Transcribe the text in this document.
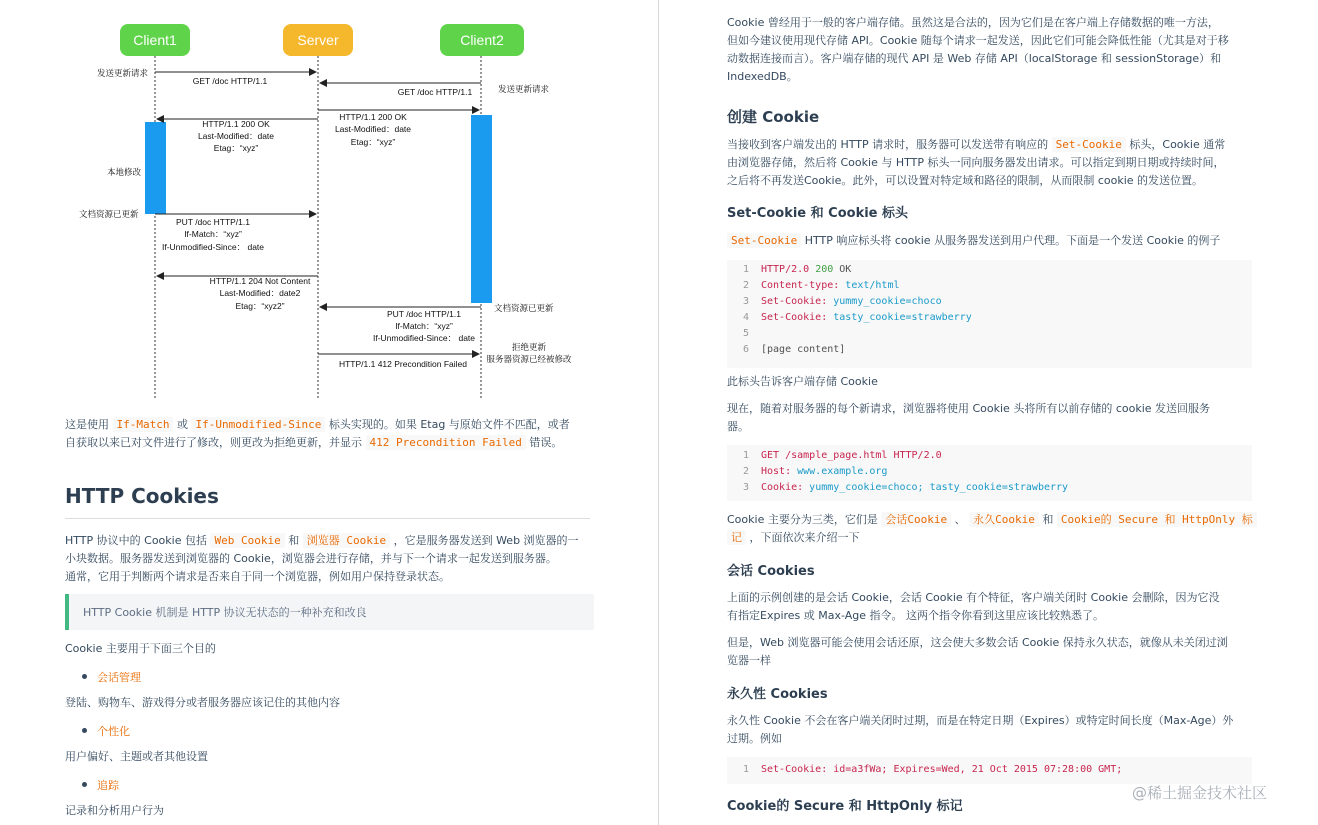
Client1	Server	Client2
发送更新请求
GET /doc HTTP/1.1
发送更新请求
GET /doc HTTP/1.1
HTTP/1.1 200 OK
Last-Modified：date
Etag：“xyz”
HTTP/1.1 200 OK
Last-Modified：date
Etag：“xyz”
本地修改
文档资源已更新
PUT /doc HTTP/1.1
If-Match：“xyz”
If-Unmodified-Since： date
HTTP/1.1 204 Not Content
Last-Modified：date2
Etag：“xyz2”	文档资源已更新
PUT /doc HTTP/1.1
If-Match：“xyz”
If-Unmodified-Since： date
拒绝更新
服务器资源已经被修改
HTTP/1.1 412 Precondition Failed
这是使用 If-Match 或 If-Unmodified-Since 标头实现的。如果 Etag 与原始文件不匹配，或者
自获取以来已对文件进行了修改，则更改为拒绝更新，并显示 412 Precondition Failed 错误。
HTTP Cookies
HTTP 协议中的 Cookie 包括 Web Cookie 和 浏览器 Cookie ，它是服务器发送到 Web 浏览器的一
小块数据。服务器发送到浏览器的 Cookie，浏览器会进行存储，并与下一个请求一起发送到服务器。
通常，它用于判断两个请求是否来自于同一个浏览器，例如用户保持登录状态。
HTTP Cookie 机制是 HTTP 协议无状态的一种补充和改良
Cookie 主要用于下面三个目的
会话管理
登陆、购物车、游戏得分或者服务器应该记住的其他内容
个性化
用户偏好、主题或者其他设置
追踪
记录和分析用户行为
Cookie 曾经用于一般的客户端存储。虽然这是合法的，因为它们是在客户端上存储数据的唯一方法，
但如今建议使用现代存储 API。Cookie 随每个请求一起发送，因此它们可能会降低性能（尤其是对于移
动数据连接而言）。客户端存储的现代 API 是 Web 存储 API（localStorage 和 sessionStorage）和
IndexedDB。
创建 Cookie
当接收到客户端发出的 HTTP 请求时，服务器可以发送带有响应的 Set-Cookie 标头，Cookie 通常
由浏览器存储，然后将 Cookie 与 HTTP 标头一同向服务器发出请求。可以指定到期日期或持续时间，
之后将不再发送Cookie。此外，可以设置对特定域和路径的限制，从而限制 cookie 的发送位置。
Set-Cookie 和 Cookie 标头
Set-Cookie HTTP 响应标头将 cookie 从服务器发送到用户代理。下面是一个发送 Cookie 的例子
1 HTTP/2.0 200 OK
2 Content-type: text/html
3 Set-Cookie: yummy_cookie=choco
4 Set-Cookie: tasty_cookie=strawberry
5
6 [page content]
此标头告诉客户端存储 Cookie
现在，随着对服务器的每个新请求，浏览器将使用 Cookie 头将所有以前存储的 cookie 发送回服务
器。
1 GET /sample_page.html HTTP/2.0
2 Host: www.example.org
3 Cookie: yummy_cookie=choco; tasty_cookie=strawberry
Cookie 主要分为三类，它们是 会话Cookie 、 永久Cookie 和 Cookie的 Secure 和 HttpOnly 标
记 ，下面依次来介绍一下
会话 Cookies
上面的示例创建的是会话 Cookie，会话 Cookie 有个特征，客户端关闭时 Cookie 会删除，因为它没
有指定Expires 或 Max-Age 指令。 这两个指令你看到这里应该比较熟悉了。
但是，Web 浏览器可能会使用会话还原，这会使大多数会话 Cookie 保持永久状态，就像从未关闭过浏
览器一样
永久性 Cookies
永久性 Cookie 不会在客户端关闭时过期，而是在特定日期（Expires）或特定时间长度（Max-Age）外
过期。例如
1 Set-Cookie: id=a3fWa; Expires=Wed, 21 Oct 2015 07:28:00 GMT;
Cookie的 Secure 和 HttpOnly 标记
@稀土掘金技术社区
